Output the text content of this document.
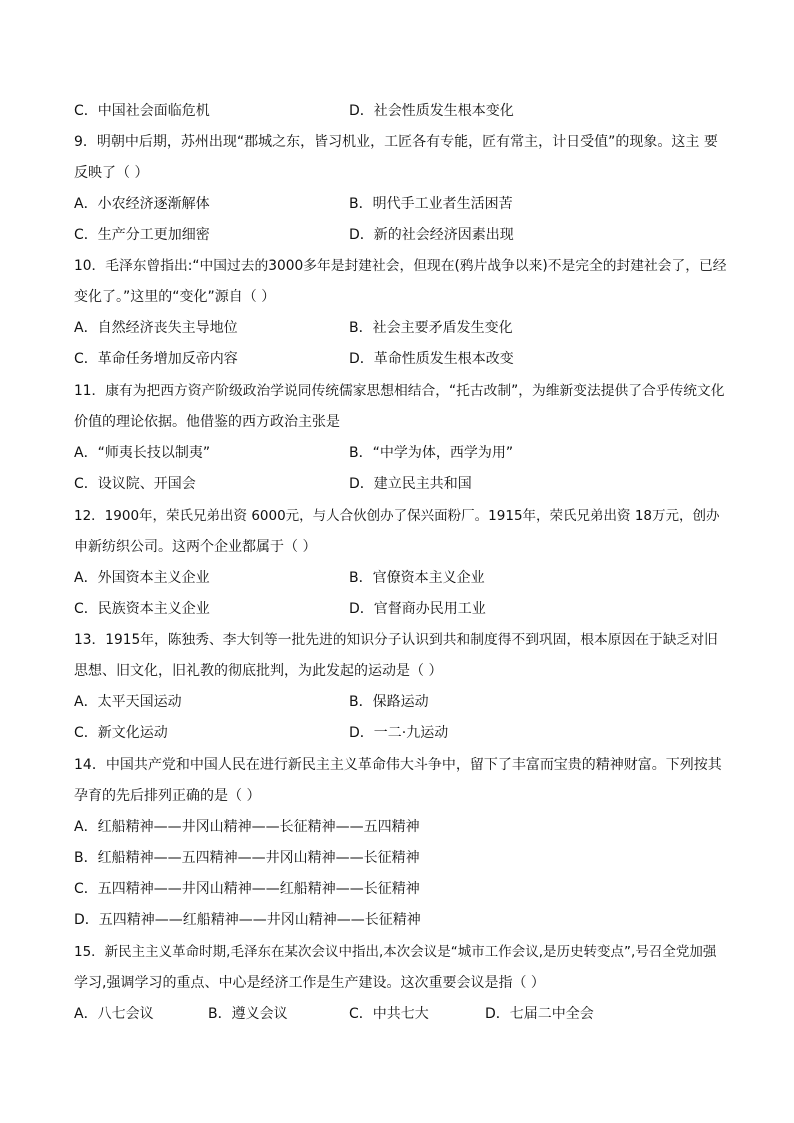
C．中国社会面临危机	D．社会性质发生根本变化
9．明朝中后期，苏州出现“郡城之东，皆习机业，工匠各有专能，匠有常主，计日受值”的现象。这主 要
反映了（ ）
A．小农经济逐渐解体	B．明代手工业者生活困苦
C．生产分工更加细密	D．新的社会经济因素出现
10．毛泽东曾指出:“中国过去的3000多年是封建社会，但现在(鸦片战争以来)不是完全的封建社会了，已经
变化了。”这里的“变化”源自（ ）
A．自然经济丧失主导地位	B．社会主要矛盾发生变化
C．革命任务增加反帝内容	D．革命性质发生根本改变
11．康有为把西方资产阶级政治学说同传统儒家思想相结合，“托古改制”，为维新变法提供了合乎传统文化
价值的理论依据。他借鉴的西方政治主张是
A．“师夷长技以制夷”	B．“中学为体，西学为用”
C．设议院、开国会	D．建立民主共和国
12．1900年，荣氏兄弟出资 6000元，与人合伙创办了保兴面粉厂。1915年，荣氏兄弟出资 18万元，创办
申新纺织公司。这两个企业都属于（ ）
A．外国资本主义企业	B．官僚资本主义企业
C．民族资本主义企业	D．官督商办民用工业
13．1915年，陈独秀、李大钊等一批先进的知识分子认识到共和制度得不到巩固，根本原因在于缺乏对旧
思想、旧文化，旧礼教的彻底批判，为此发起的运动是（ ）
A．太平天国运动	B．保路运动
C．新文化运动	D．一二·九运动
14．中国共产党和中国人民在进行新民主主义革命伟大斗争中，留下了丰富而宝贵的精神财富。下列按其
孕育的先后排列正确的是（ ）
A．红船精神——井冈山精神——长征精神——五四精神
B．红船精神——五四精神——井冈山精神——长征精神
C．五四精神——井冈山精神——红船精神——长征精神
D．五四精神——红船精神——井冈山精神——长征精神
15．新民主主义革命时期,毛泽东在某次会议中指出,本次会议是“城市工作会议,是历史转变点”,号召全党加强
学习,强调学习的重点、中心是经济工作是生产建设。这次重要会议是指（ ）
A．八七会议	B．遵义会议	C．中共七大	D．七届二中全会
